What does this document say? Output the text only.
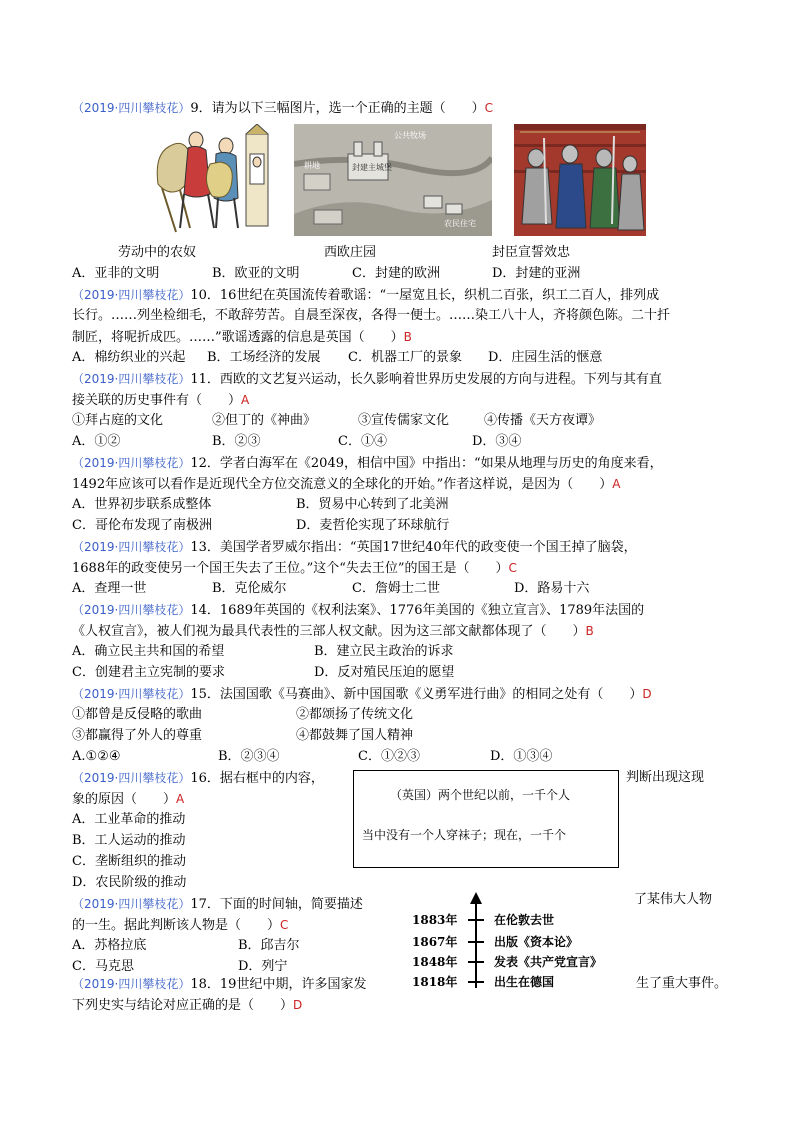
（2019·四川攀枝花）9．请为以下三幅图片，选一个正确的主题（　　）C
公共牧场
封建主城堡
耕地
农民住宅
劳动中的农奴	西欧庄园	封臣宣誓效忠
A．亚非的文明	B．欧亚的文明	C．封建的欧洲	D．封建的亚洲
（2019·四川攀枝花）10．16世纪在英国流传着歌谣：“一屋宽且长，织机二百张，织工二百人，排列成
长行。……列坐检细毛，不敢辞劳苦。自晨至深夜，各得一便士。……染工八十人，齐将颜色陈。二十扦
制匠，将呢折成匹。……”歌谣透露的信息是英国（　　）B
A．棉纺织业的兴起 B．工场经济的发展 C．机器工厂的景象 D．庄园生活的惬意
（2019·四川攀枝花）11．西欧的文艺复兴运动，长久影响着世界历史发展的方向与进程。下列与其有直
接关联的历史事件有（　　）A
①拜占庭的文化	②但丁的《神曲》	③宣传儒家文化	④传播《天方夜谭》
A．①②	B．②③	C．①④	D．③④
（2019·四川攀枝花）12．学者白海军在《2049，相信中国》中指出：“如果从地理与历史的角度来看，
1492年应该可以看作是近现代全方位交流意义的全球化的开始。”作者这样说，是因为（　　）A
A．世界初步联系成整体	B．贸易中心转到了北美洲
C．哥伦布发现了南极洲	D．麦哲伦实现了环球航行
（2019·四川攀枝花）13．美国学者罗威尔指出：“英国17世纪40年代的政变使一个国王掉了脑袋，
1688年的政变使另一个国王失去了王位。”这个“失去王位”的国王是（　　）C
A．查理一世	B．克伦威尔	C．詹姆士二世	D．路易十六
（2019·四川攀枝花）14．1689年英国的《权利法案》、1776年美国的《独立宣言》、1789年法国的
《人权宣言》，被人们视为最具代表性的三部人权文献。因为这三部文献都体现了（　　）B
A．确立民主共和国的希望	B．建立民主政治的诉求
C．创建君主立宪制的要求	D．反对殖民压迫的愿望
（2019·四川攀枝花）15．法国国歌《马赛曲》、新中国国歌《义勇军进行曲》的相同之处有（　　）D
①都曾是反侵略的歌曲	②都颂扬了传统文化
③都赢得了外人的尊重	④都鼓舞了国人精神
A.①②④	B．②③④	C．①②③	D．①③④
（2019·四川攀枝花）16．据右框中的内容，	判断出现这现
象的原因（　　）A	（英国）两个世纪以前，一千个人
当中没有一个人穿袜子；现在，一千个
A．工业革命的推动
B．工人运动的推动
C．垄断组织的推动
D．农民阶级的推动
（2019·四川攀枝花）17．下面的时间轴，简要描述	了某伟大人物
的一生。据此判断该人物是（　　）C
A．苏格拉底	B．邱吉尔
C．马克思	D．列宁
1883年	在伦敦去世
1867年	出版《资本论》
1848年	发表《共产党宣言》
1818年	出生在德国
（2019·四川攀枝花）18．19世纪中期，许多国家发	生了重大事件。
下列史实与结论对应正确的是（　　）D
